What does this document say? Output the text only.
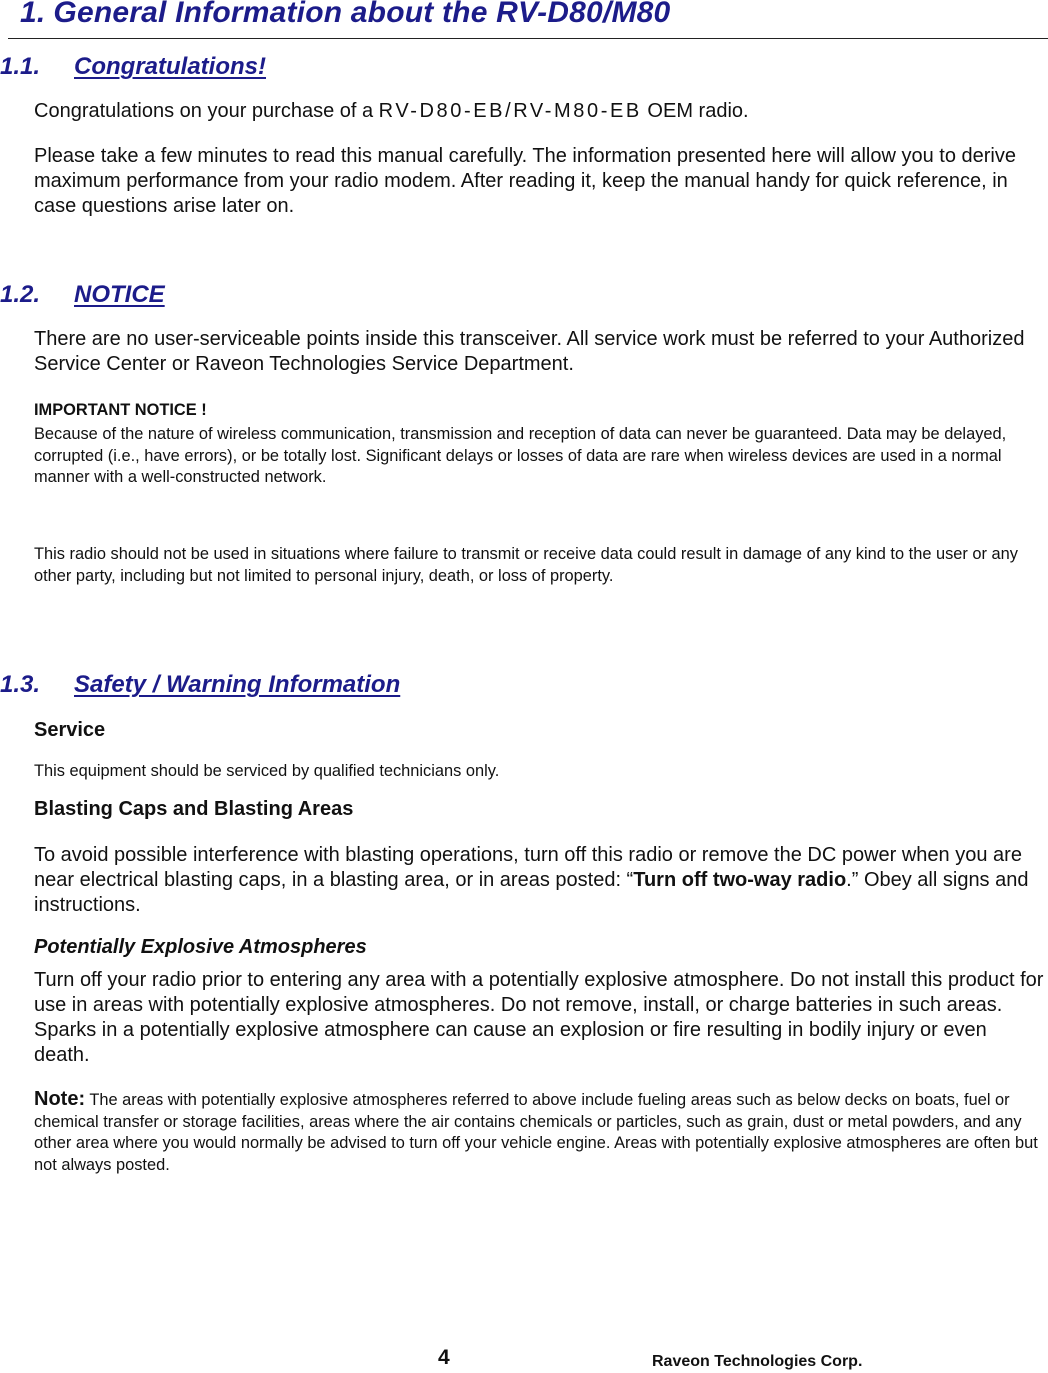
1. General Information about the RV-D80/M80
1.1. Congratulations!

Congratulations on your purchase of a RV-D80-EB/RV-M80-EB OEM radio.

Please take a few minutes to read this manual carefully. The information presented here will allow you to derive maximum performance from your radio modem. After reading it, keep the manual handy for quick reference, in case questions arise later on.

1.2. NOTICE

There are no user-serviceable points inside this transceiver. All service work must be referred to your Authorized Service Center or Raveon Technologies Service Department.

IMPORTANT NOTICE !

Because of the nature of wireless communication, transmission and reception of data can never be guaranteed. Data may be delayed, corrupted (i.e., have errors), or be totally lost. Significant delays or losses of data are rare when wireless devices are used in a normal manner with a well-constructed network.

This radio should not be used in situations where failure to transmit or receive data could result in damage of any kind to the user or any other party, including but not limited to personal injury, death, or loss of property.

1.3. Safety / Warning Information

Service

This equipment should be serviced by qualified technicians only.

Blasting Caps and Blasting Areas

To avoid possible interference with blasting operations, turn off this radio or remove the DC power when you are near electrical blasting caps, in a blasting area, or in areas posted: “Turn off two-way radio.” Obey all signs and instructions.

Potentially Explosive Atmospheres

Turn off your radio prior to entering any area with a potentially explosive atmosphere. Do not install this product for use in areas with potentially explosive atmospheres. Do not remove, install, or charge batteries in such areas. Sparks in a potentially explosive atmosphere can cause an explosion or fire resulting in bodily injury or even death.

Note: The areas with potentially explosive atmospheres referred to above include fueling areas such as below decks on boats, fuel or chemical transfer or storage facilities, areas where the air contains chemicals or particles, such as grain, dust or metal powders, and any other area where you would normally be advised to turn off your vehicle engine. Areas with potentially explosive atmospheres are often but not always posted.

4	Raveon Technologies Corp.
